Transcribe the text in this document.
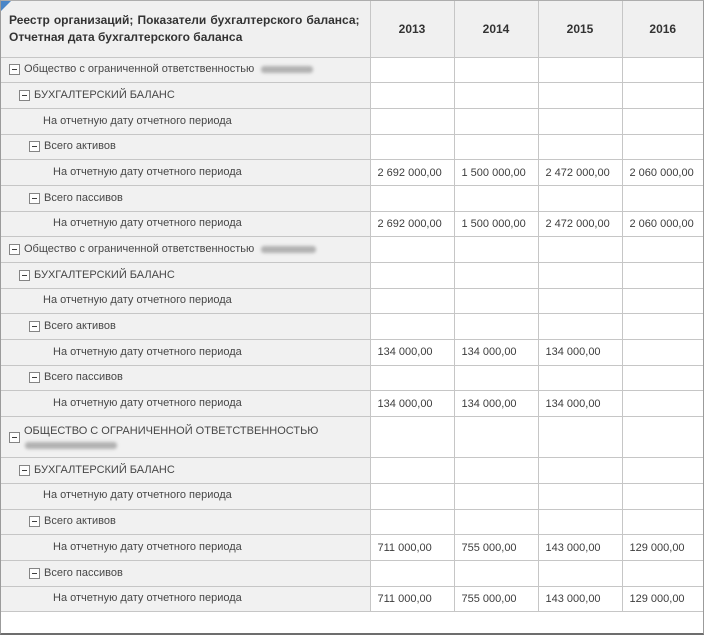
Реестр организаций; Показатели бухгалтерского баланса; Отчетная дата бухгалтерского баланса	2013	2014	2015	2016
Общество с ограниченной ответственностью				
БУХГАЛТЕРСКИЙ БАЛАНС				
На отчетную дату отчетного периода				
Всего активов				
На отчетную дату отчетного периода	2 692 000,00	1 500 000,00	2 472 000,00	2 060 000,00
Всего пассивов				
На отчетную дату отчетного периода	2 692 000,00	1 500 000,00	2 472 000,00	2 060 000,00
Общество с ограниченной ответственностью				
БУХГАЛТЕРСКИЙ БАЛАНС				
На отчетную дату отчетного периода				
Всего активов				
На отчетную дату отчетного периода	134 000,00	134 000,00	134 000,00	
Всего пассивов				
На отчетную дату отчетного периода	134 000,00	134 000,00	134 000,00	
ОБЩЕСТВО С ОГРАНИЧЕННОЙ ОТВЕТСТВЕННОСТЬЮ

БУХГАЛТЕРСКИЙ БАЛАНС				
На отчетную дату отчетного периода				
Всего активов				
На отчетную дату отчетного периода	711 000,00	755 000,00	143 000,00	129 000,00
Всего пассивов				
На отчетную дату отчетного периода	711 000,00	755 000,00	143 000,00	129 000,00
